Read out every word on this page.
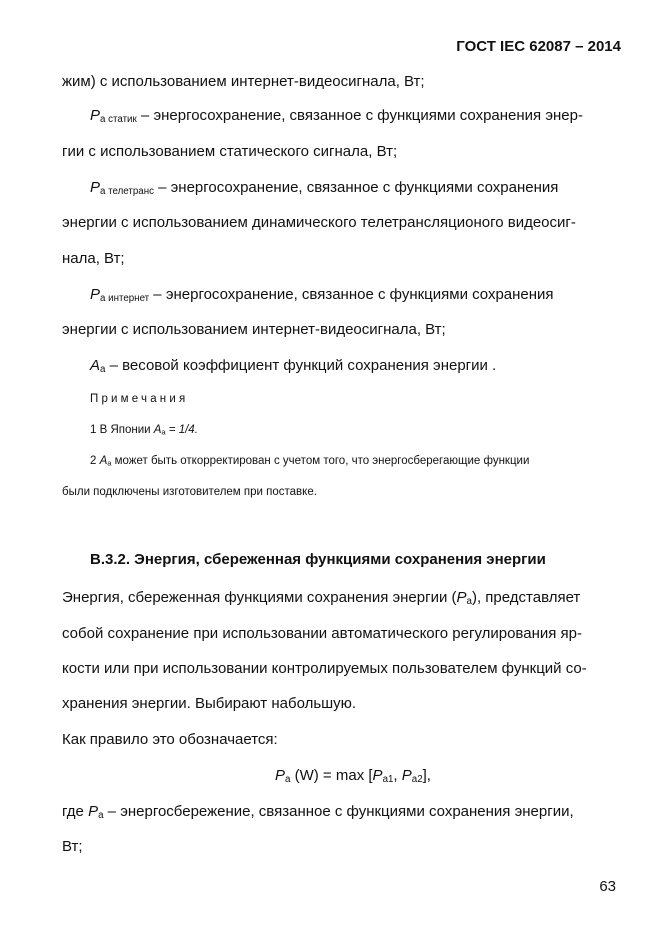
ГОСТ IEC 62087 – 2014
жим) с использованием интернет-видеосигнала, Вт;
$P_{а статик}$ – энергосохранение, связанное с функциями сохранения энер-
гии с использованием статического сигнала, Вт;
$P_{а телетранс}$ – энергосохранение, связанное с функциями сохранения
энергии с использованием динамического телетрансляционого видеосиг-
нала, Вт;
$P_{а интернет}$ – энергосохранение, связанное с функциями сохранения
энергии с использованием интернет-видеосигнала, Вт;
$A_а$ – весовой коэффициент функций сохранения энергии .
Примечания
1 В Японии $A_а = 1/4$.
2 $A_а$ может быть откорректирован с учетом того, что энергосберегающие функции
были подключены изготовителем при поставке.
В.3.2. Энергия, сбереженная функциями сохранения энергии
Энергия, сбереженная функциями сохранения энергии $(P_а)$, представляет
собой сохранение при использовании автоматического регулирования яр-
кости или при использовании контролируемых пользователем функций со-
хранения энергии. Выбирают набольшую.
Как правило это обозначается:
$P_а$ $(W) = \max [P_{а1}$, $P_{а2}$],
где $P_а$ – энергосбережение, связанное с функциями сохранения энергии,
Вт;
63
